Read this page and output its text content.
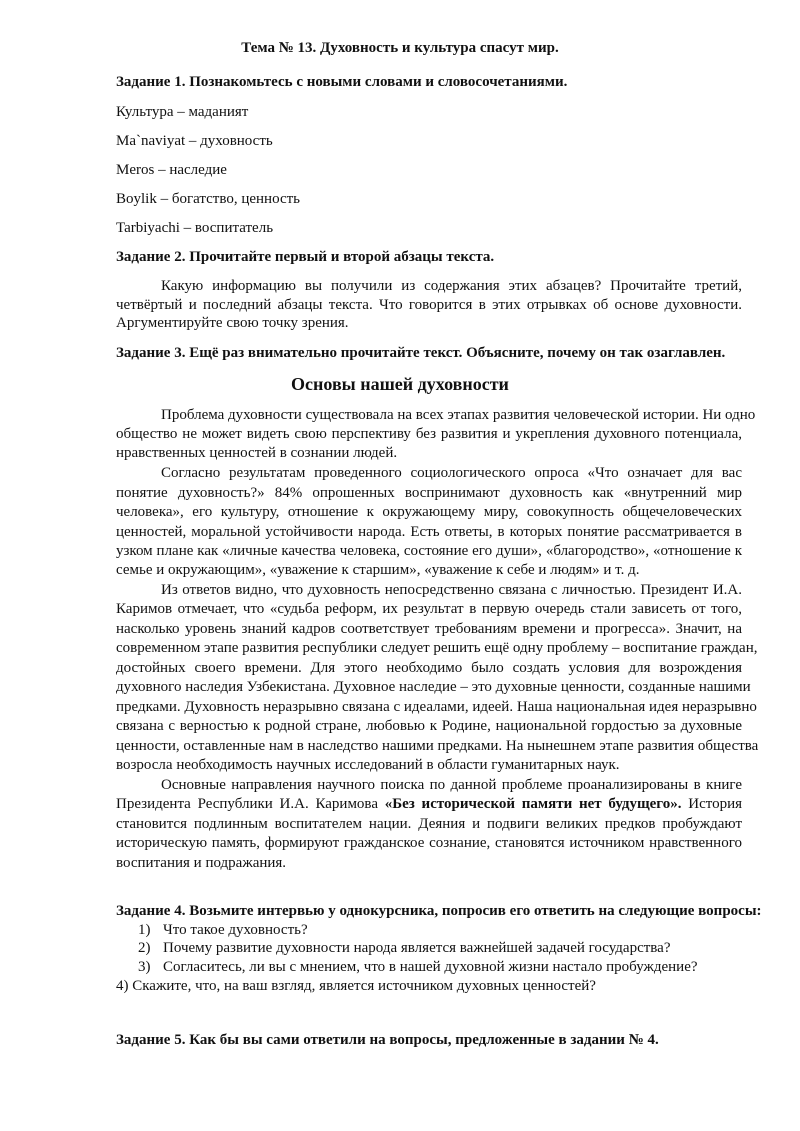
Тема № 13. Духовность и культура спасут мир.
Задание 1. Познакомьтесь с новыми словами и словосочетаниями.
Культура – маданият
Ma`naviyat – духовность
Meros – наследие
Boylik – богатство, ценность
Tarbiyachi – воспитатель
Задание 2. Прочитайте первый и второй абзацы текста.
Какую информацию вы получили из содержания этих абзацев? Прочитайте третий,
четвёртый и последний абзацы текста. Что говорится в этих отрывках об основе духовности.
Аргументируйте свою точку зрения.
Задание 3. Ещё раз внимательно прочитайте текст. Объясните, почему он так озаглавлен.
Основы нашей духовности
Проблема духовности существовала на всех этапах развития человеческой истории. Ни одно
общество не может видеть свою перспективу без развития и укрепления духовного потенциала,
нравственных ценностей в сознании людей.
Согласно результатам проведенного социологического опроса «Что означает для вас
понятие духовность?» 84% опрошенных воспринимают духовность как «внутренний мир
человека», его культуру, отношение к окружающему миру, совокупность общечеловеческих
ценностей, моральной устойчивости народа. Есть ответы, в которых понятие рассматривается в
узком плане как «личные качества человека, состояние его души», «благородство», «отношение к
семье и окружающим», «уважение к старшим», «уважение к себе и людям» и т. д.
Из ответов видно, что духовность непосредственно связана с личностью. Президент И.А.
Каримов отмечает, что «судьба реформ, их результат в первую очередь стали зависеть от того,
насколько уровень знаний кадров соответствует требованиям времени и прогресса». Значит, на
современном этапе развития республики следует решить ещё одну проблему – воспитание граждан,
достойных своего времени. Для этого необходимо было создать условия для возрождения
духовного наследия Узбекистана. Духовное наследие – это духовные ценности, созданные нашими
предками. Духовность неразрывно связана с идеалами, идеей. Наша национальная идея неразрывно
связана с верностью к родной стране, любовью к Родине, национальной гордостью за духовные
ценности, оставленные нам в наследство нашими предками. На нынешнем этапе развития общества
возросла необходимость научных исследований в области гуманитарных наук.
Основные направления научного поиска по данной проблеме проанализированы в книге
Президента Республики И.А. Каримова «Без исторической памяти нет будущего». История
становится подлинным воспитателем нации. Деяния и подвиги великих предков пробуждают
историческую память, формируют гражданское сознание, становятся источником нравственного
воспитания и подражания.
Задание 4. Возьмите интервью у однокурсника, попросив его ответить на следующие вопросы:
1) Что такое духовность?
2) Почему развитие духовности народа является важнейшей задачей государства?
3) Согласитесь, ли вы с мнением, что в нашей духовной жизни настало пробуждение?
4) Скажите, что, на ваш взгляд, является источником духовных ценностей?
Задание 5. Как бы вы сами ответили на вопросы, предложенные в задании № 4.
